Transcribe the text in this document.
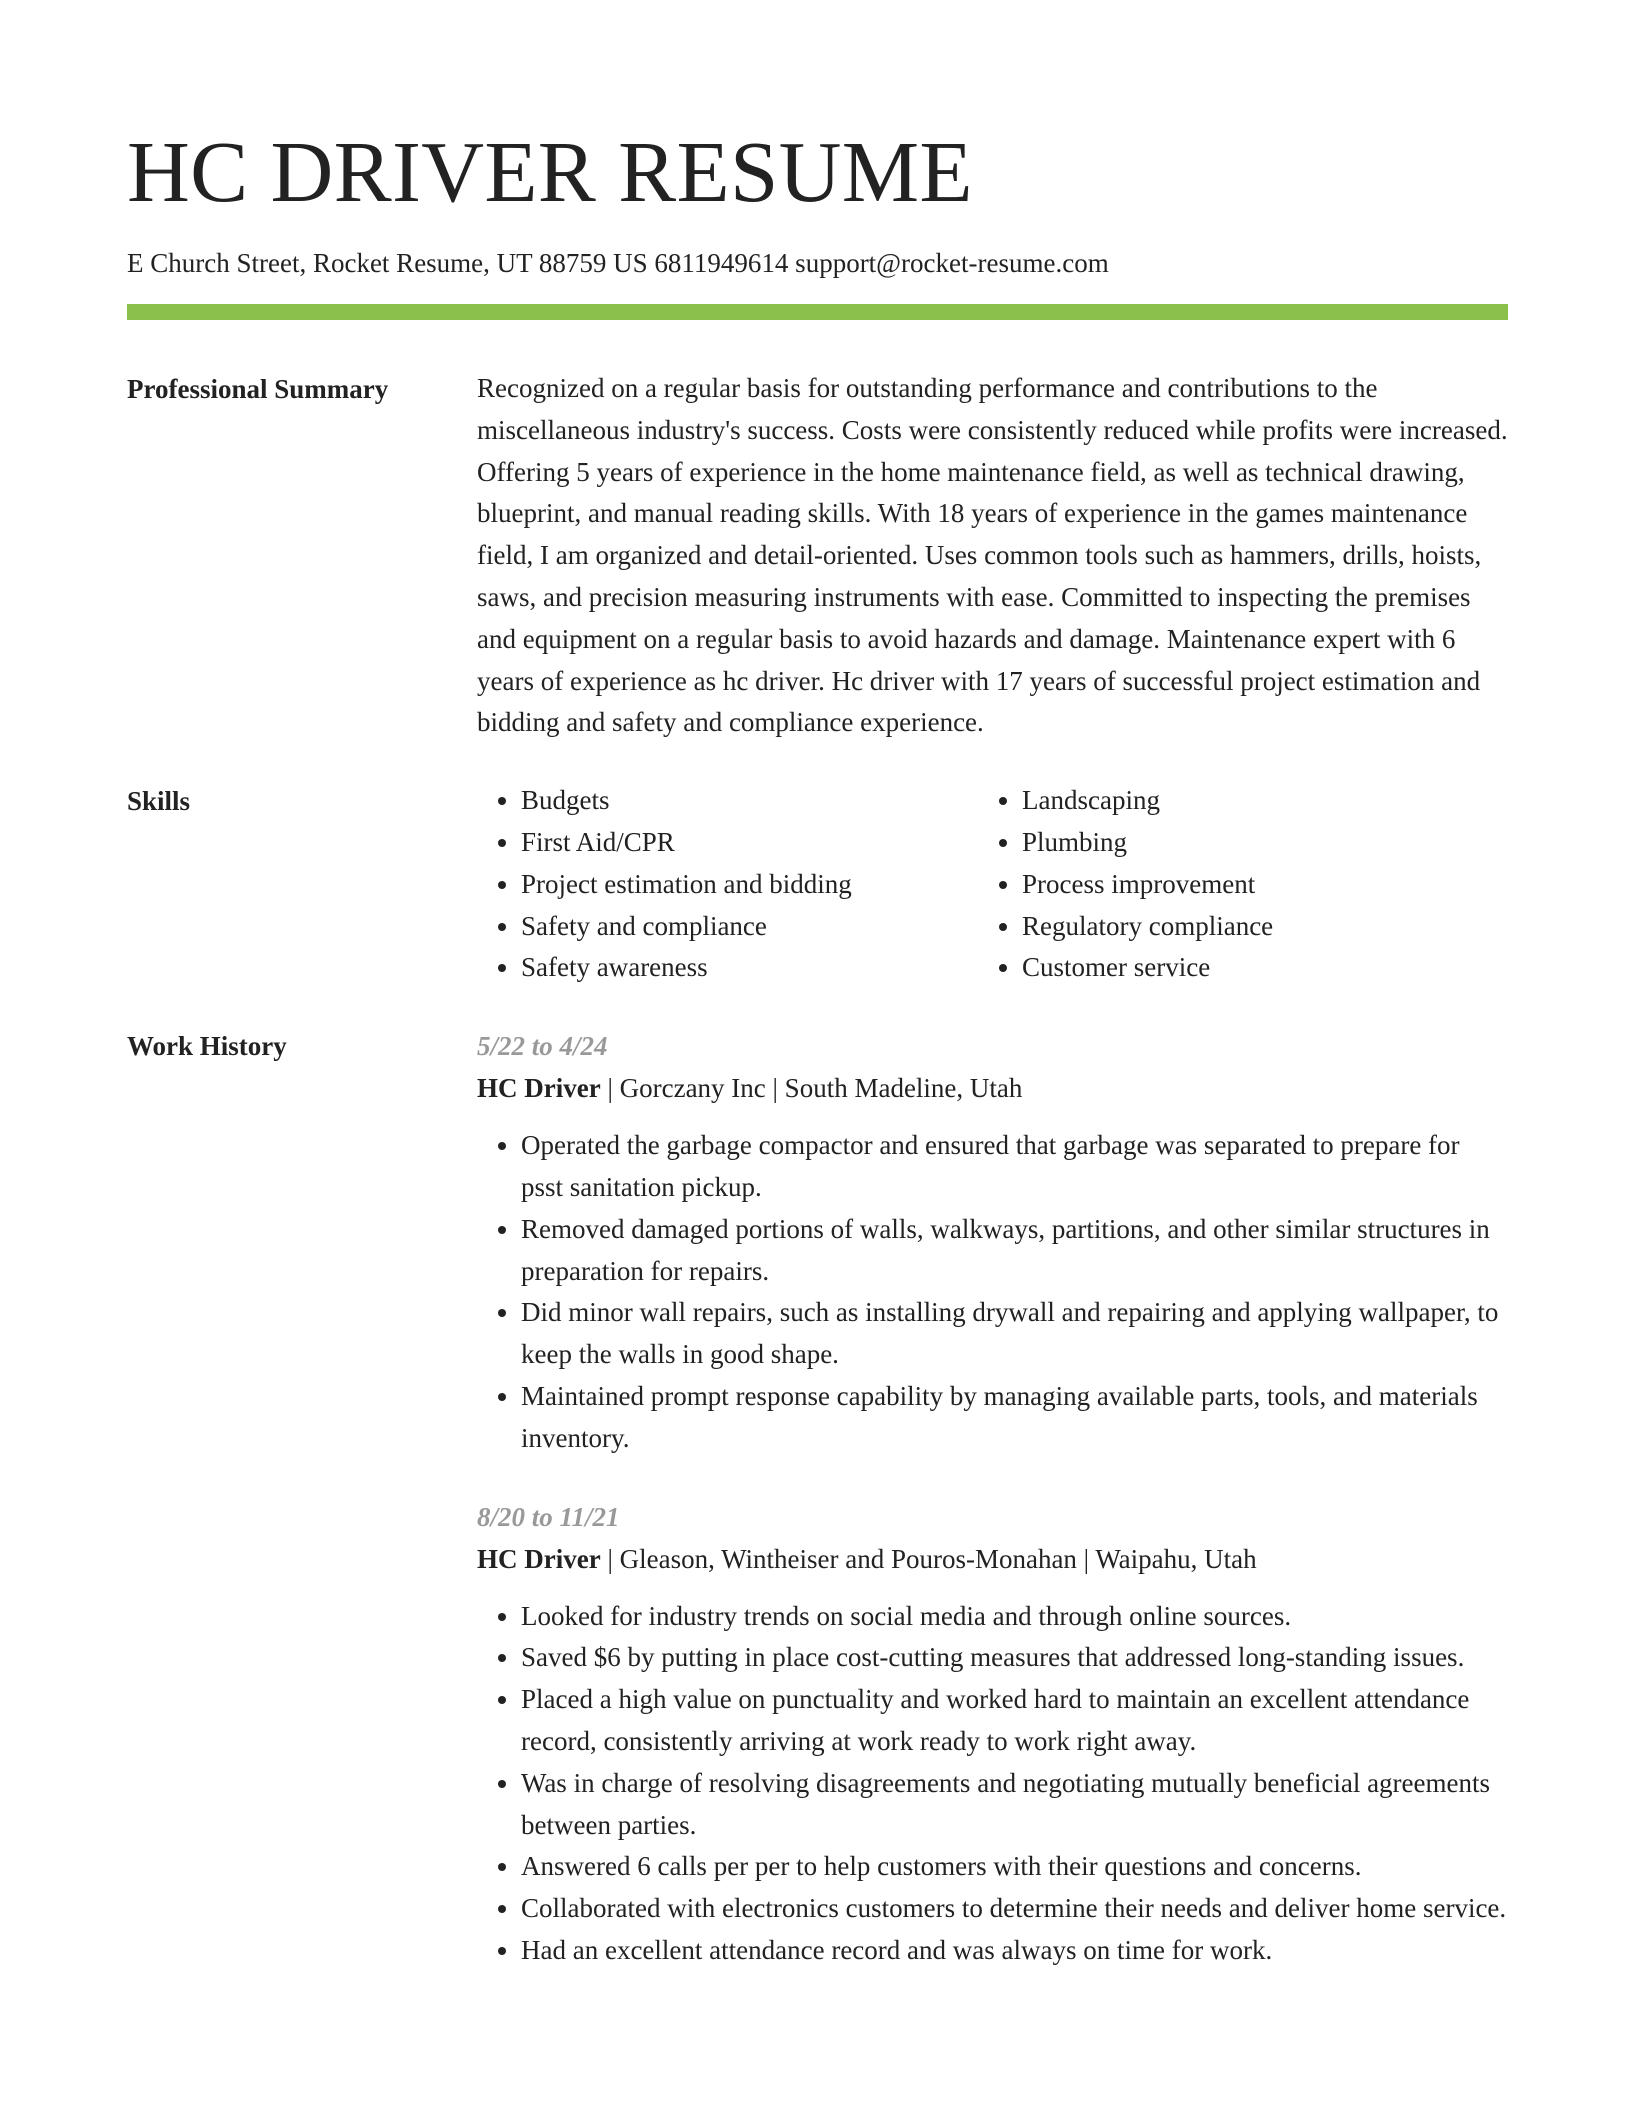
HC DRIVER RESUME
E Church Street, Rocket Resume, UT 88759 US 6811949614 support@rocket-resume.com
Professional Summary	Recognized on a regular basis for outstanding performance and contributions to the miscellaneous industry's success. Costs were consistently reduced while profits were increased. Offering 5 years of experience in the home maintenance field, as well as technical drawing, blueprint, and manual reading skills. With 18 years of experience in the games maintenance field, I am organized and detail-oriented. Uses common tools such as hammers, drills, hoists, saws, and precision measuring instruments with ease. Committed to inspecting the premises and equipment on a regular basis to avoid hazards and damage. Maintenance expert with 6 years of experience as hc driver. Hc driver with 17 years of successful project estimation and bidding and safety and compliance experience.

Skills
•	Budgets
• First Aid/CPR
• Project estimation and bidding
• Safety and compliance
• Safety awareness
• Landscaping
• Plumbing
• Process improvement
• Regulatory compliance
• Customer service
Work History	5/22 to 4/24
HC Driver | Gorczany Inc | South Madeline, Utah
• Operated the garbage compactor and ensured that garbage was separated to prepare for psst sanitation pickup.
• Removed damaged portions of walls, walkways, partitions, and other similar structures in preparation for repairs.
• Did minor wall repairs, such as installing drywall and repairing and applying wallpaper, to keep the walls in good shape.
• Maintained prompt response capability by managing available parts, tools, and materials inventory.
8/20 to 11/21
HC Driver | Gleason, Wintheiser and Pouros-Monahan | Waipahu, Utah
• Looked for industry trends on social media and through online sources.
• Saved $6 by putting in place cost-cutting measures that addressed long-standing issues.
• Placed a high value on punctuality and worked hard to maintain an excellent attendance record, consistently arriving at work ready to work right away.
• Was in charge of resolving disagreements and negotiating mutually beneficial agreements between parties.
• Answered 6 calls per per to help customers with their questions and concerns.
• Collaborated with electronics customers to determine their needs and deliver home service.
• Had an excellent attendance record and was always on time for work.
